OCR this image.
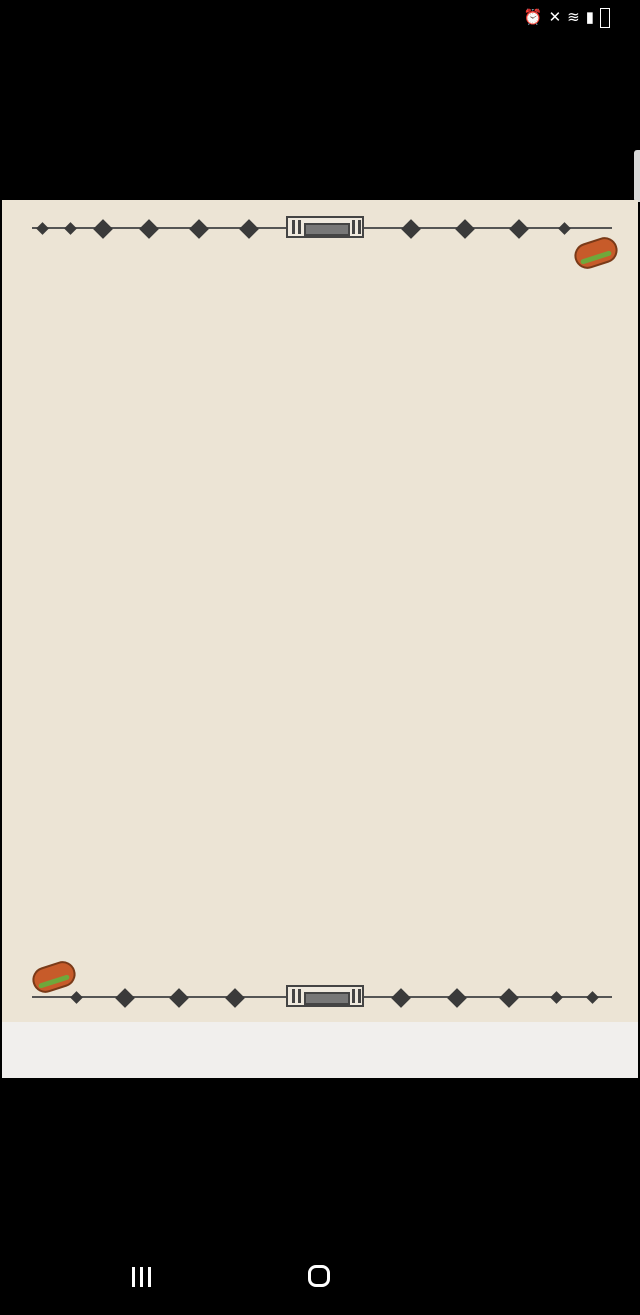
⏰ ✕ ≋ ▮
